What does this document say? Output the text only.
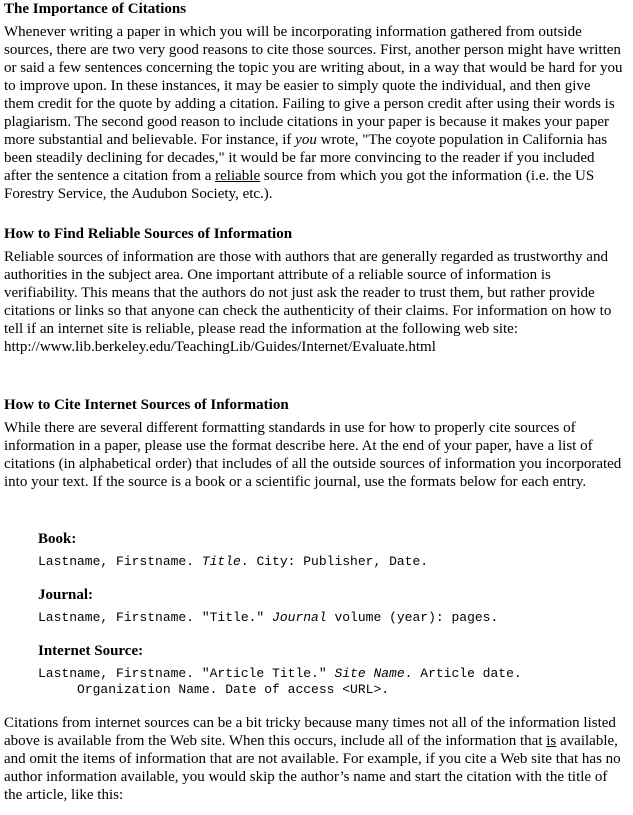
The Importance of Citations

Whenever writing a paper in which you will be incorporating information gathered from outside sources, there are two very good reasons to cite those sources. First, another person might have written or said a few sentences concerning the topic you are writing about, in a way that would be hard for you to improve upon. In these instances, it may be easier to simply quote the individual, and then give them credit for the quote by adding a citation. Failing to give a person credit after using their words is plagiarism. The second good reason to include citations in your paper is because it makes your paper more substantial and believable. For instance, if you wrote, "The coyote population in California has been steadily declining for decades," it would be far more convincing to the reader if you included after the sentence a citation from a reliable source from which you got the information (i.e. the US Forestry Service, the Audubon Society, etc.).

How to Find Reliable Sources of Information

Reliable sources of information are those with authors that are generally regarded as trustworthy and authorities in the subject area. One important attribute of a reliable source of information is verifiability. This means that the authors do not just ask the reader to trust them, but rather provide citations or links so that anyone can check the authenticity of their claims. For information on how to tell if an internet site is reliable, please read the information at the following web site:
http://www.lib.berkeley.edu/TeachingLib/Guides/Internet/Evaluate.html

How to Cite Internet Sources of Information

While there are several different formatting standards in use for how to properly cite sources of information in a paper, please use the format describe here. At the end of your paper, have a list of citations (in alphabetical order) that includes of all the outside sources of information you incorporated into your text. If the source is a book or a scientific journal, use the formats below for each entry.

Book:
Lastname, Firstname. Title. City: Publisher, Date.
Journal:
Lastname, Firstname. "Title." Journal volume (year): pages.
Internet Source:
Lastname, Firstname. "Article Title." Site Name. Article date.
Organization Name. Date of access <URL>.

Citations from internet sources can be a bit tricky because many times not all of the information listed above is available from the Web site. When this occurs, include all of the information that is available, and omit the items of information that are not available. For example, if you cite a Web site that has no author information available, you would skip the author’s name and start the citation with the title of the article, like this:
